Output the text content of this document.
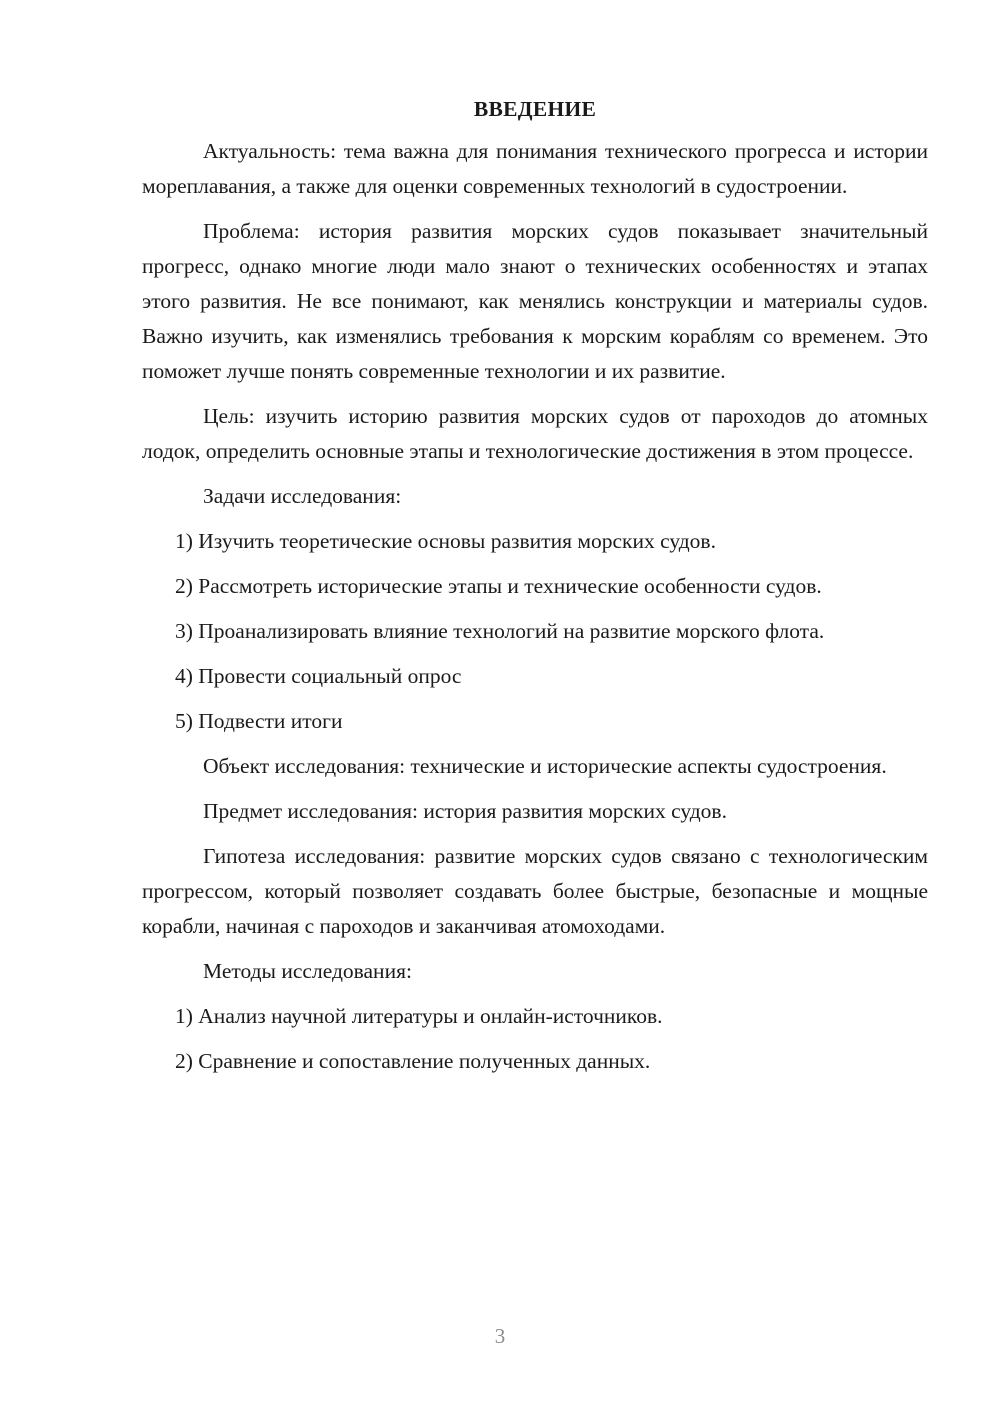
ВВЕДЕНИЕ

Актуальность: тема важна для понимания технического прогресса и истории мореплавания, а также для оценки современных технологий в судостроении.

Проблема: история развития морских судов показывает значительный прогресс, однако многие люди мало знают о технических особенностях и этапах этого развития. Не все понимают, как менялись конструкции и материалы судов. Важно изучить, как изменялись требования к морским кораблям со временем. Это поможет лучше понять современные технологии и их развитие.

Цель: изучить историю развития морских судов от пароходов до атомных лодок, определить основные этапы и технологические достижения в этом процессе.

Задачи исследования:

1) Изучить теоретические основы развития морских судов.

2) Рассмотреть исторические этапы и технические особенности судов.

3) Проанализировать влияние технологий на развитие морского флота.

4) Провести социальный опрос

5) Подвести итоги

Объект исследования: технические и исторические аспекты судостроения.

Предмет исследования: история развития морских судов.

Гипотеза исследования: развитие морских судов связано с технологическим прогрессом, который позволяет создавать более быстрые, безопасные и мощные корабли, начиная с пароходов и заканчивая атомоходами.

Методы исследования:

1) Анализ научной литературы и онлайн-источников.

2) Сравнение и сопоставление полученных данных.

3
